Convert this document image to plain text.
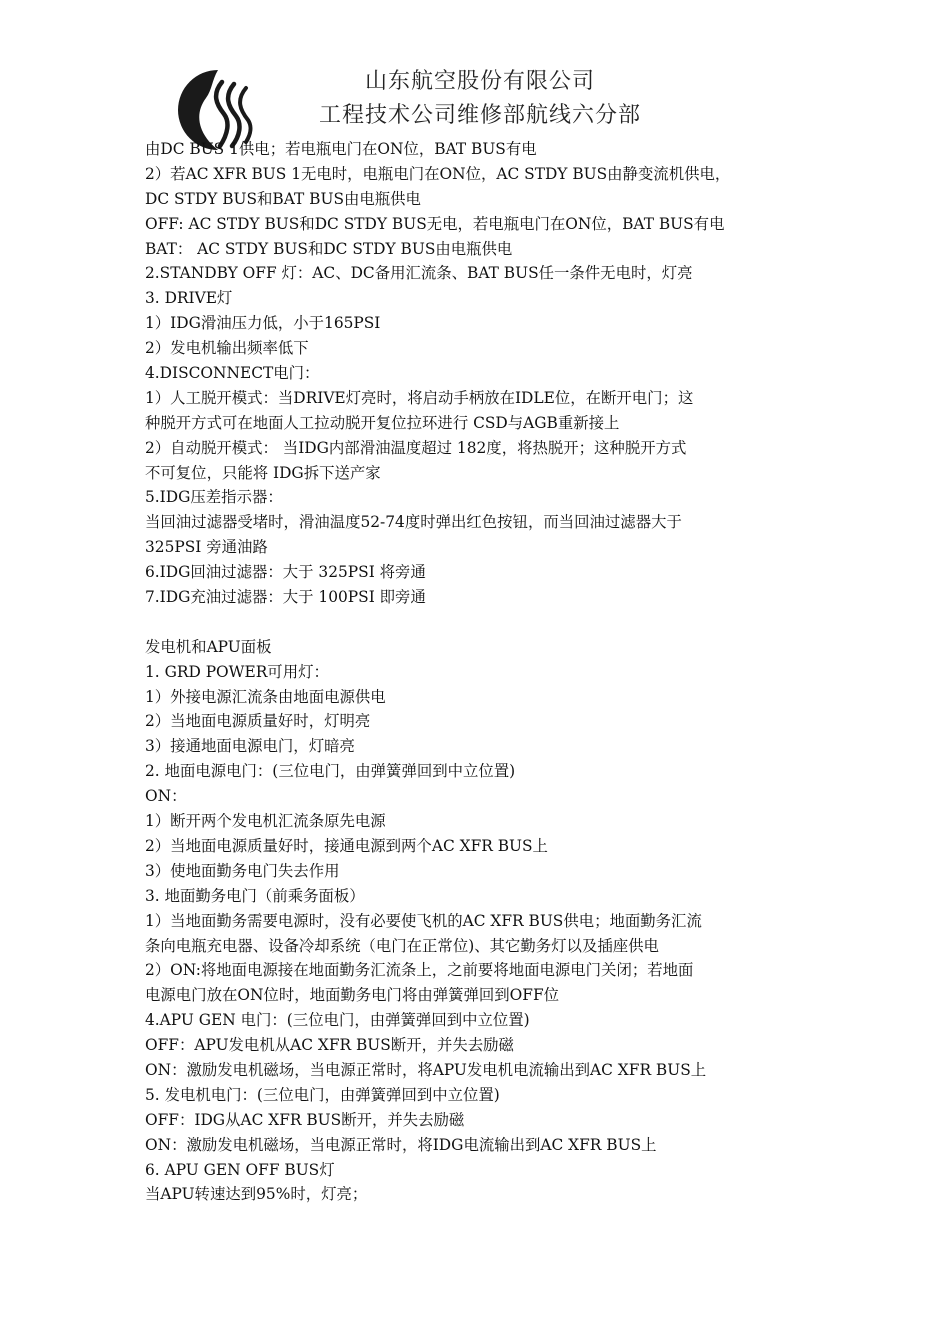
山东航空股份有限公司
工程技术公司维修部航线六分部
由DC BUS 1供电；若电瓶电门在ON位，BAT BUS有电
2）若AC XFR BUS 1无电时，电瓶电门在ON位，AC STDY BUS由静变流机供电，
DC STDY BUS和BAT BUS由电瓶供电
OFF: AC STDY BUS和DC STDY BUS无电，若电瓶电门在ON位，BAT BUS有电
BAT： AC STDY BUS和DC STDY BUS由电瓶供电
2.STANDBY OFF 灯：AC、DC备用汇流条、BAT BUS任一条件无电时，灯亮
3. DRIVE灯
1）IDG滑油压力低，小于165PSI
2）发电机输出频率低下
4.DISCONNECT电门：
1）人工脱开模式：当DRIVE灯亮时，将启动手柄放在IDLE位，在断开电门；这
种脱开方式可在地面人工拉动脱开复位拉环进行 CSD与AGB重新接上
2）自动脱开模式： 当IDG内部滑油温度超过 182度，将热脱开；这种脱开方式
不可复位，只能将 IDG拆下送产家
5.IDG压差指示器：
当回油过滤器受堵时，滑油温度52-74度时弹出红色按钮，而当回油过滤器大于
325PSI 旁通油路
6.IDG回油过滤器：大于 325PSI 将旁通
7.IDG充油过滤器：大于 100PSI 即旁通
发电机和APU面板
1. GRD POWER可用灯：
1）外接电源汇流条由地面电源供电
2）当地面电源质量好时，灯明亮
3）接通地面电源电门，灯暗亮
2. 地面电源电门：(三位电门，由弹簧弹回到中立位置)
ON：
1）断开两个发电机汇流条原先电源
2）当地面电源质量好时，接通电源到两个AC XFR BUS上
3）使地面勤务电门失去作用
3. 地面勤务电门（前乘务面板）
1）当地面勤务需要电源时，没有必要使飞机的AC XFR BUS供电；地面勤务汇流
条向电瓶充电器、设备冷却系统（电门在正常位)、其它勤务灯以及插座供电
2）ON:将地面电源接在地面勤务汇流条上，之前要将地面电源电门关闭；若地面
电源电门放在ON位时，地面勤务电门将由弹簧弹回到OFF位
4.APU GEN 电门：(三位电门，由弹簧弹回到中立位置)
OFF：APU发电机从AC XFR BUS断开，并失去励磁
ON：激励发电机磁场，当电源正常时，将APU发电机电流输出到AC XFR BUS上
5. 发电机电门：(三位电门，由弹簧弹回到中立位置)
OFF：IDG从AC XFR BUS断开，并失去励磁
ON：激励发电机磁场，当电源正常时，将IDG电流输出到AC XFR BUS上
6. APU GEN OFF BUS灯
当APU转速达到95%时，灯亮；
